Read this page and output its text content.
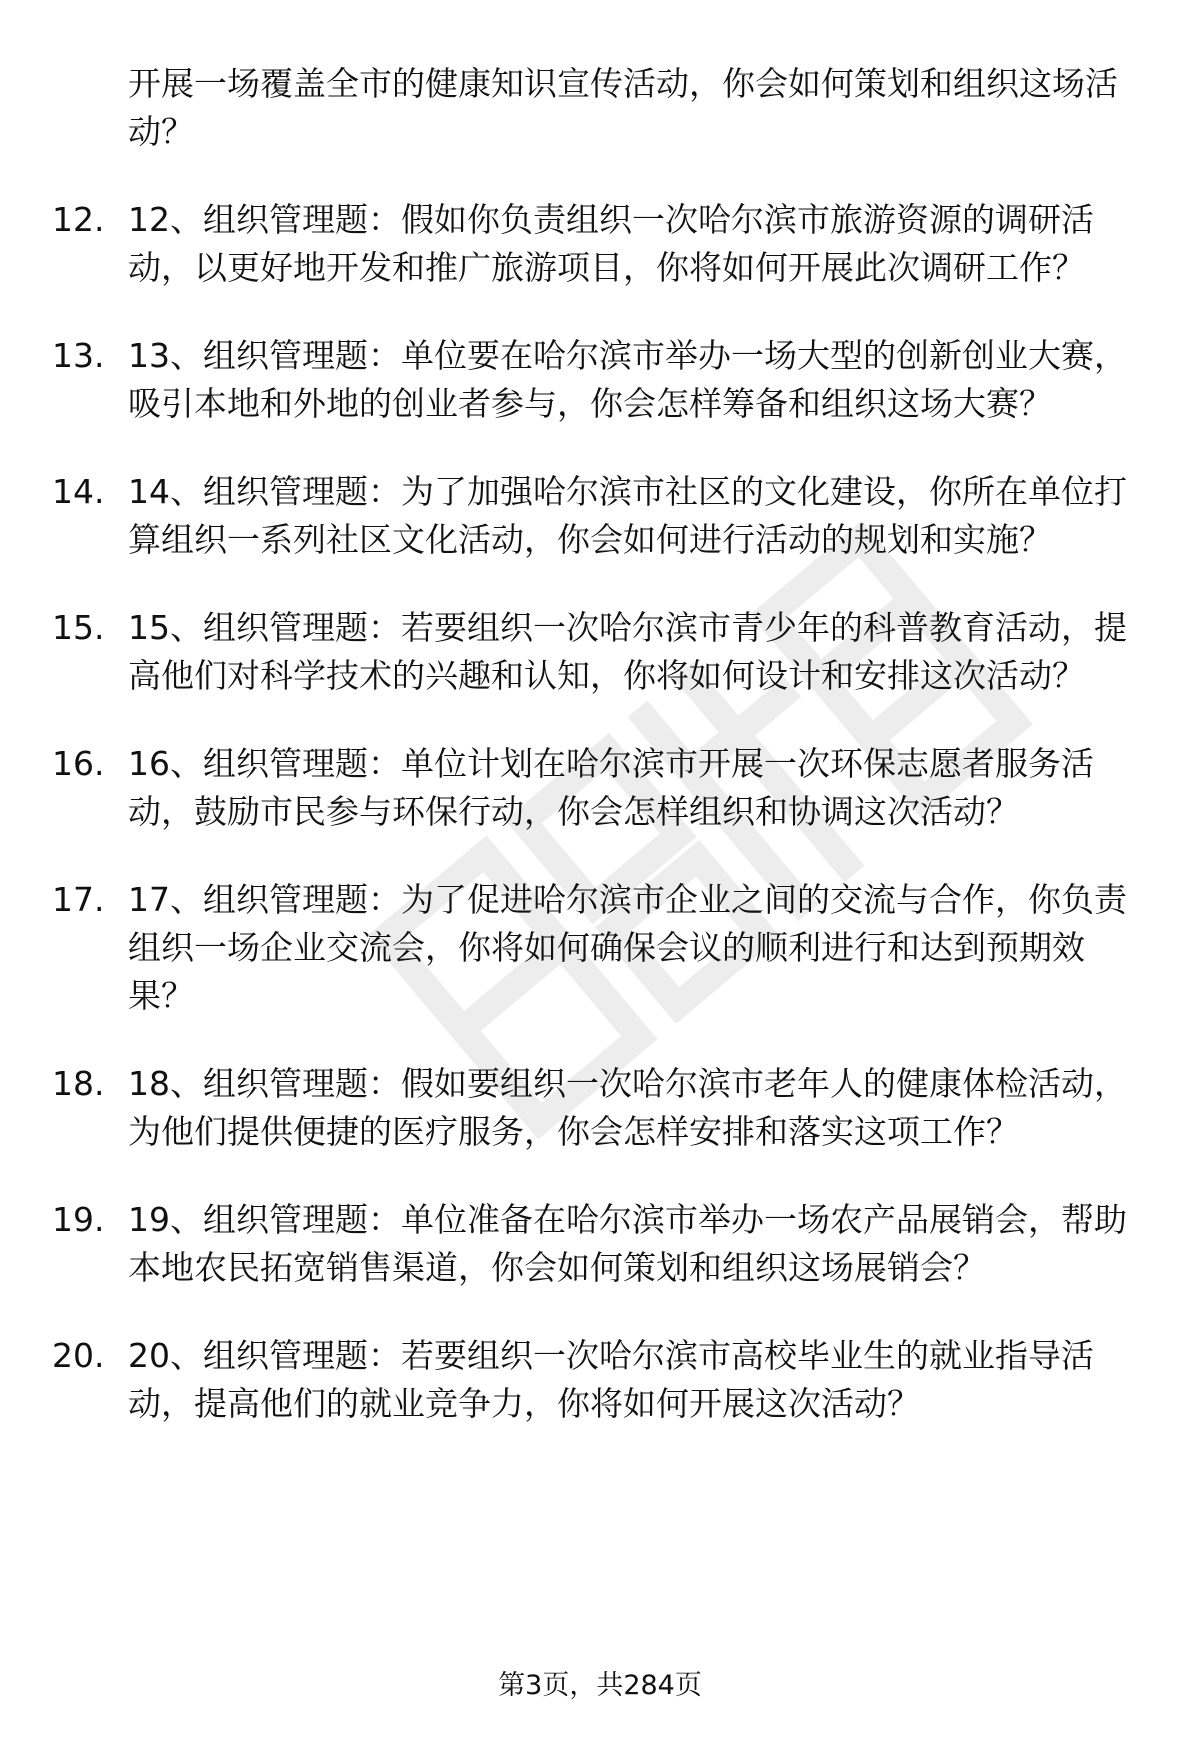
开展一场覆盖全市的健康知识宣传活动，你会如何策划和组织这场活动？
12. 12、组织管理题：假如你负责组织一次哈尔滨市旅游资源的调研活动，以更好地开发和推广旅游项目，你将如何开展此次调研工作？
13. 13、组织管理题：单位要在哈尔滨市举办一场大型的创新创业大赛，吸引本地和外地的创业者参与，你会怎样筹备和组织这场大赛？
14. 14、组织管理题：为了加强哈尔滨市社区的文化建设，你所在单位打算组织一系列社区文化活动，你会如何进行活动的规划和实施？
15. 15、组织管理题：若要组织一次哈尔滨市青少年的科普教育活动，提高他们对科学技术的兴趣和认知，你将如何设计和安排这次活动？
16. 16、组织管理题：单位计划在哈尔滨市开展一次环保志愿者服务活动，鼓励市民参与环保行动，你会怎样组织和协调这次活动？
17. 17、组织管理题：为了促进哈尔滨市企业之间的交流与合作，你负责组织一场企业交流会，你将如何确保会议的顺利进行和达到预期效果？
18. 18、组织管理题：假如要组织一次哈尔滨市老年人的健康体检活动，为他们提供便捷的医疗服务，你会怎样安排和落实这项工作？
19. 19、组织管理题：单位准备在哈尔滨市举办一场农产品展销会，帮助本地农民拓宽销售渠道，你会如何策划和组织这场展销会？
20. 20、组织管理题：若要组织一次哈尔滨市高校毕业生的就业指导活动，提高他们的就业竞争力，你将如何开展这次活动？
第3页，共284页
